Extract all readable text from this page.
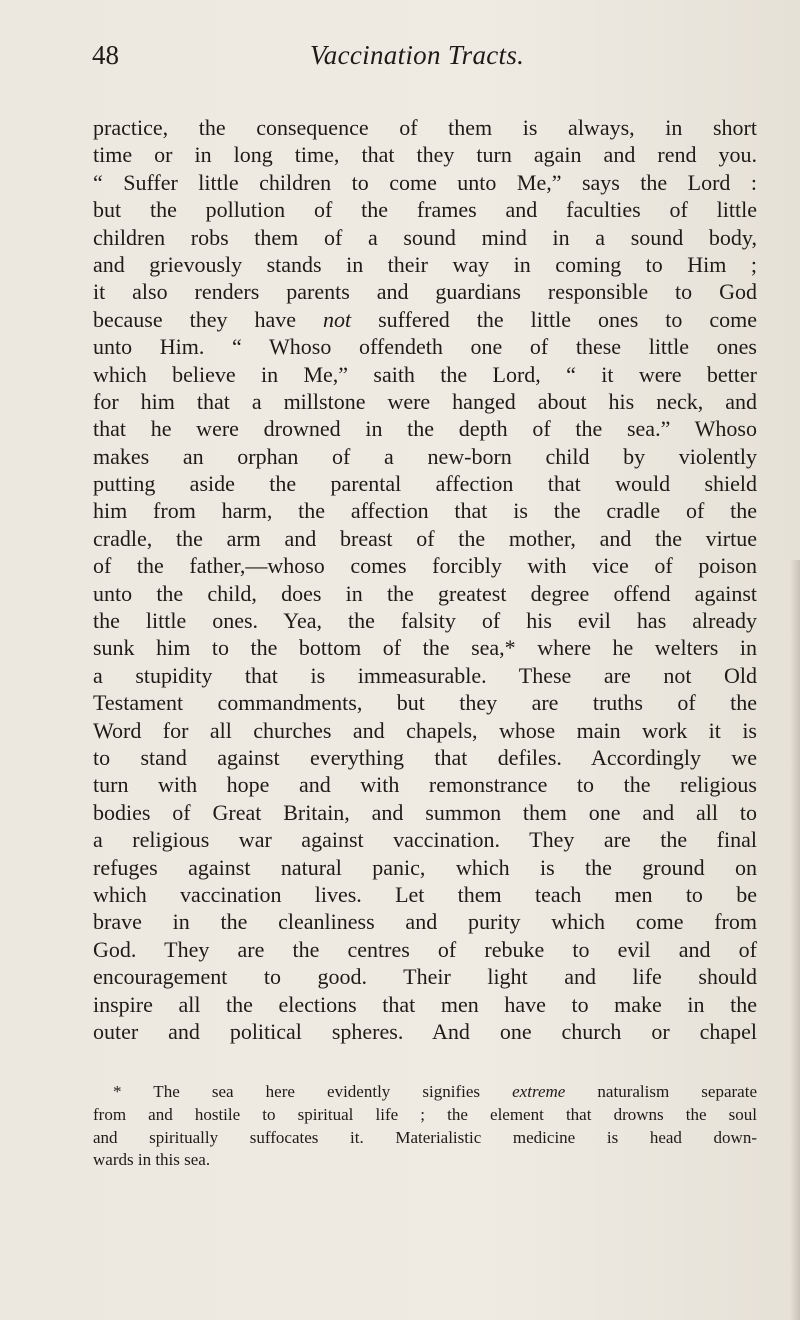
48	Vaccination Tracts.
practice, the consequence of them is always, in short
time or in long time, that they turn again and rend you.
“ Suffer little children to come unto Me,” says the Lord :
but the pollution of the frames and faculties of little
children robs them of a sound mind in a sound body,
and grievously stands in their way in coming to Him ;
it also renders parents and guardians responsible to God
because they have not suffered the little ones to come
unto Him. “ Whoso offendeth one of these little ones
which believe in Me,” saith the Lord, “ it were better
for him that a millstone were hanged about his neck, and
that he were drowned in the depth of the sea.” Whoso
makes an orphan of a new-born child by violently
putting aside the parental affection that would shield
him from harm, the affection that is the cradle of the
cradle, the arm and breast of the mother, and the virtue
of the father,—whoso comes forcibly with vice of poison
unto the child, does in the greatest degree offend against
the little ones. Yea, the falsity of his evil has already
sunk him to the bottom of the sea,* where he welters in
a stupidity that is immeasurable. These are not Old
Testament commandments, but they are truths of the
Word for all churches and chapels, whose main work it is
to stand against everything that defiles. Accordingly we
turn with hope and with remonstrance to the religious
bodies of Great Britain, and summon them one and all to
a religious war against vaccination. They are the final
refuges against natural panic, which is the ground on
which vaccination lives. Let them teach men to be
brave in the cleanliness and purity which come from
God. They are the centres of rebuke to evil and of
encouragement to good. Their light and life should
inspire all the elections that men have to make in the
outer and political spheres. And one church or chapel
* The sea here evidently signifies extreme naturalism separate
from and hostile to spiritual life ; the element that drowns the soul
and spiritually suffocates it. Materialistic medicine is head down-
wards in this sea.
